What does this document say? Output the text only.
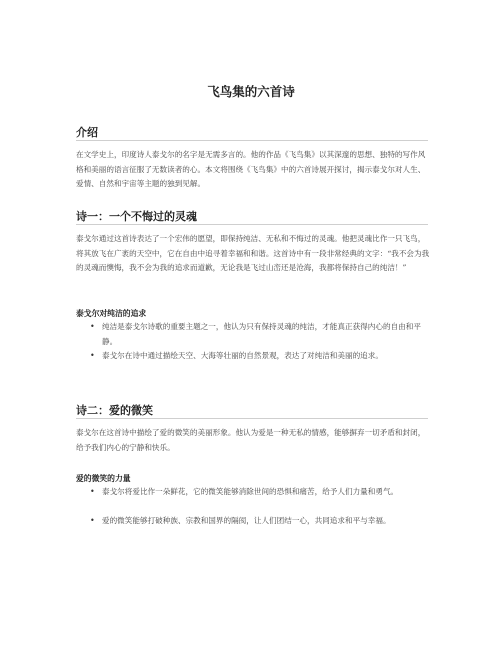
飞鸟集的六首诗
介绍
在文学史上，印度诗人泰戈尔的名字是无需多言的。他的作品《飞鸟集》以其深邃的思想、独特的写作风格和美丽的语言征服了无数读者的心。本文将围绕《飞鸟集》中的六首诗展开探讨，揭示泰戈尔对人生、爱情、自然和宇宙等主题的独到见解。
诗一：一个不悔过的灵魂
泰戈尔通过这首诗表达了一个宏伟的愿望，即保持纯洁、无私和不悔过的灵魂。他把灵魂比作一只飞鸟，将其放飞在广袤的天空中，它在自由中追寻着幸福和和谐。这首诗中有一段非常经典的文字：“我不会为我的灵魂而懊悔，我不会为我的追求而道歉，无论我是飞过山峦还是沧海，我都将保持自己的纯洁！”
泰戈尔对纯洁的追求
• 纯洁是泰戈尔诗歌的重要主题之一，他认为只有保持灵魂的纯洁，才能真正获得内心的自由和平静。
• 泰戈尔在诗中通过描绘天空、大海等壮丽的自然景观，表达了对纯洁和美丽的追求。
诗二：爱的微笑
泰戈尔在这首诗中描绘了爱的微笑的美丽形象。他认为爱是一种无私的情感，能够摒弃一切矛盾和封闭，给予我们内心的宁静和快乐。
爱的微笑的力量
• 泰戈尔将爱比作一朵鲜花，它的微笑能够消除世间的恐惧和痛苦，给予人们力量和勇气。
• 爱的微笑能够打破种族、宗教和国界的隔阂，让人们团结一心，共同追求和平与幸福。
